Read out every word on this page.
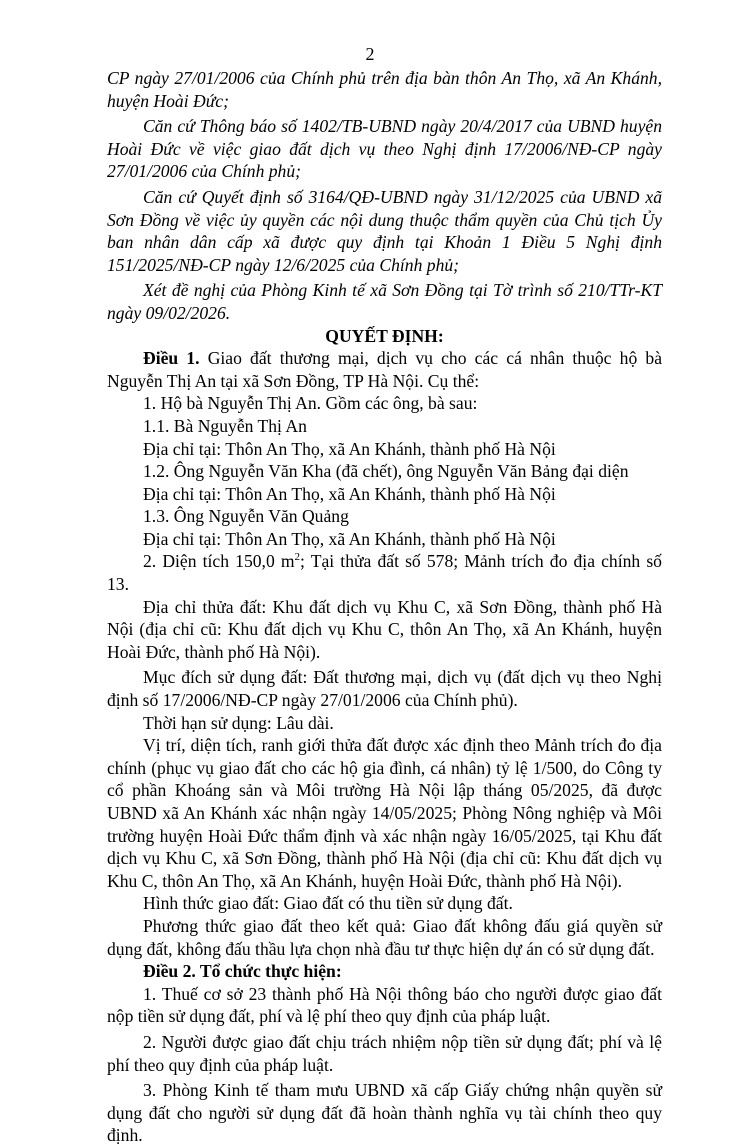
2

CP ngày 27/01/2006 của Chính phủ trên địa bàn thôn An Thọ, xã An Khánh, huyện Hoài Đức;

Căn cứ Thông báo số 1402/TB-UBND ngày 20/4/2017 của UBND huyện Hoài Đức về việc giao đất dịch vụ theo Nghị định 17/2006/NĐ-CP ngày 27/01/2006 của Chính phủ;

Căn cứ Quyết định số 3164/QĐ-UBND ngày 31/12/2025 của UBND xã Sơn Đồng về việc ủy quyền các nội dung thuộc thẩm quyền của Chủ tịch Ủy ban nhân dân cấp xã được quy định tại Khoản 1 Điều 5 Nghị định 151/2025/NĐ-CP ngày 12/6/2025 của Chính phủ;

Xét đề nghị của Phòng Kinh tế xã Sơn Đồng tại Tờ trình số 210/TTr-KT ngày 09/02/2026.

QUYẾT ĐỊNH:

Điều 1. Giao đất thương mại, dịch vụ cho các cá nhân thuộc hộ bà Nguyễn Thị An tại xã Sơn Đồng, TP Hà Nội. Cụ thể:

1. Hộ bà Nguyễn Thị An. Gồm các ông, bà sau:

1.1. Bà Nguyễn Thị An

Địa chỉ tại: Thôn An Thọ, xã An Khánh, thành phố Hà Nội

1.2. Ông Nguyễn Văn Kha (đã chết), ông Nguyễn Văn Bảng đại diện

Địa chỉ tại: Thôn An Thọ, xã An Khánh, thành phố Hà Nội

1.3. Ông Nguyễn Văn Quảng

Địa chỉ tại: Thôn An Thọ, xã An Khánh, thành phố Hà Nội

2. Diện tích 150,0 $m^2$; Tại thửa đất số 578; Mảnh trích đo địa chính số 13.

Địa chỉ thửa đất: Khu đất dịch vụ Khu C, xã Sơn Đồng, thành phố Hà Nội (địa chỉ cũ: Khu đất dịch vụ Khu C, thôn An Thọ, xã An Khánh, huyện Hoài Đức, thành phố Hà Nội).

Mục đích sử dụng đất: Đất thương mại, dịch vụ (đất dịch vụ theo Nghị định số 17/2006/NĐ-CP ngày 27/01/2006 của Chính phủ).

Thời hạn sử dụng: Lâu dài.

Vị trí, diện tích, ranh giới thửa đất được xác định theo Mảnh trích đo địa chính (phục vụ giao đất cho các hộ gia đình, cá nhân) tỷ lệ 1/500, do Công ty cổ phần Khoáng sản và Môi trường Hà Nội lập tháng 05/2025, đã được UBND xã An Khánh xác nhận ngày 14/05/2025; Phòng Nông nghiệp và Môi trường huyện Hoài Đức thẩm định và xác nhận ngày 16/05/2025, tại Khu đất dịch vụ Khu C, xã Sơn Đồng, thành phố Hà Nội (địa chỉ cũ: Khu đất dịch vụ Khu C, thôn An Thọ, xã An Khánh, huyện Hoài Đức, thành phố Hà Nội).

Hình thức giao đất: Giao đất có thu tiền sử dụng đất.

Phương thức giao đất theo kết quả: Giao đất không đấu giá quyền sử dụng đất, không đấu thầu lựa chọn nhà đầu tư thực hiện dự án có sử dụng đất.

Điều 2. Tổ chức thực hiện:

1. Thuế cơ sở 23 thành phố Hà Nội thông báo cho người được giao đất nộp tiền sử dụng đất, phí và lệ phí theo quy định của pháp luật.

2. Người được giao đất chịu trách nhiệm nộp tiền sử dụng đất; phí và lệ phí theo quy định của pháp luật.

3. Phòng Kinh tế tham mưu UBND xã cấp Giấy chứng nhận quyền sử dụng đất cho người sử dụng đất đã hoàn thành nghĩa vụ tài chính theo quy định.
